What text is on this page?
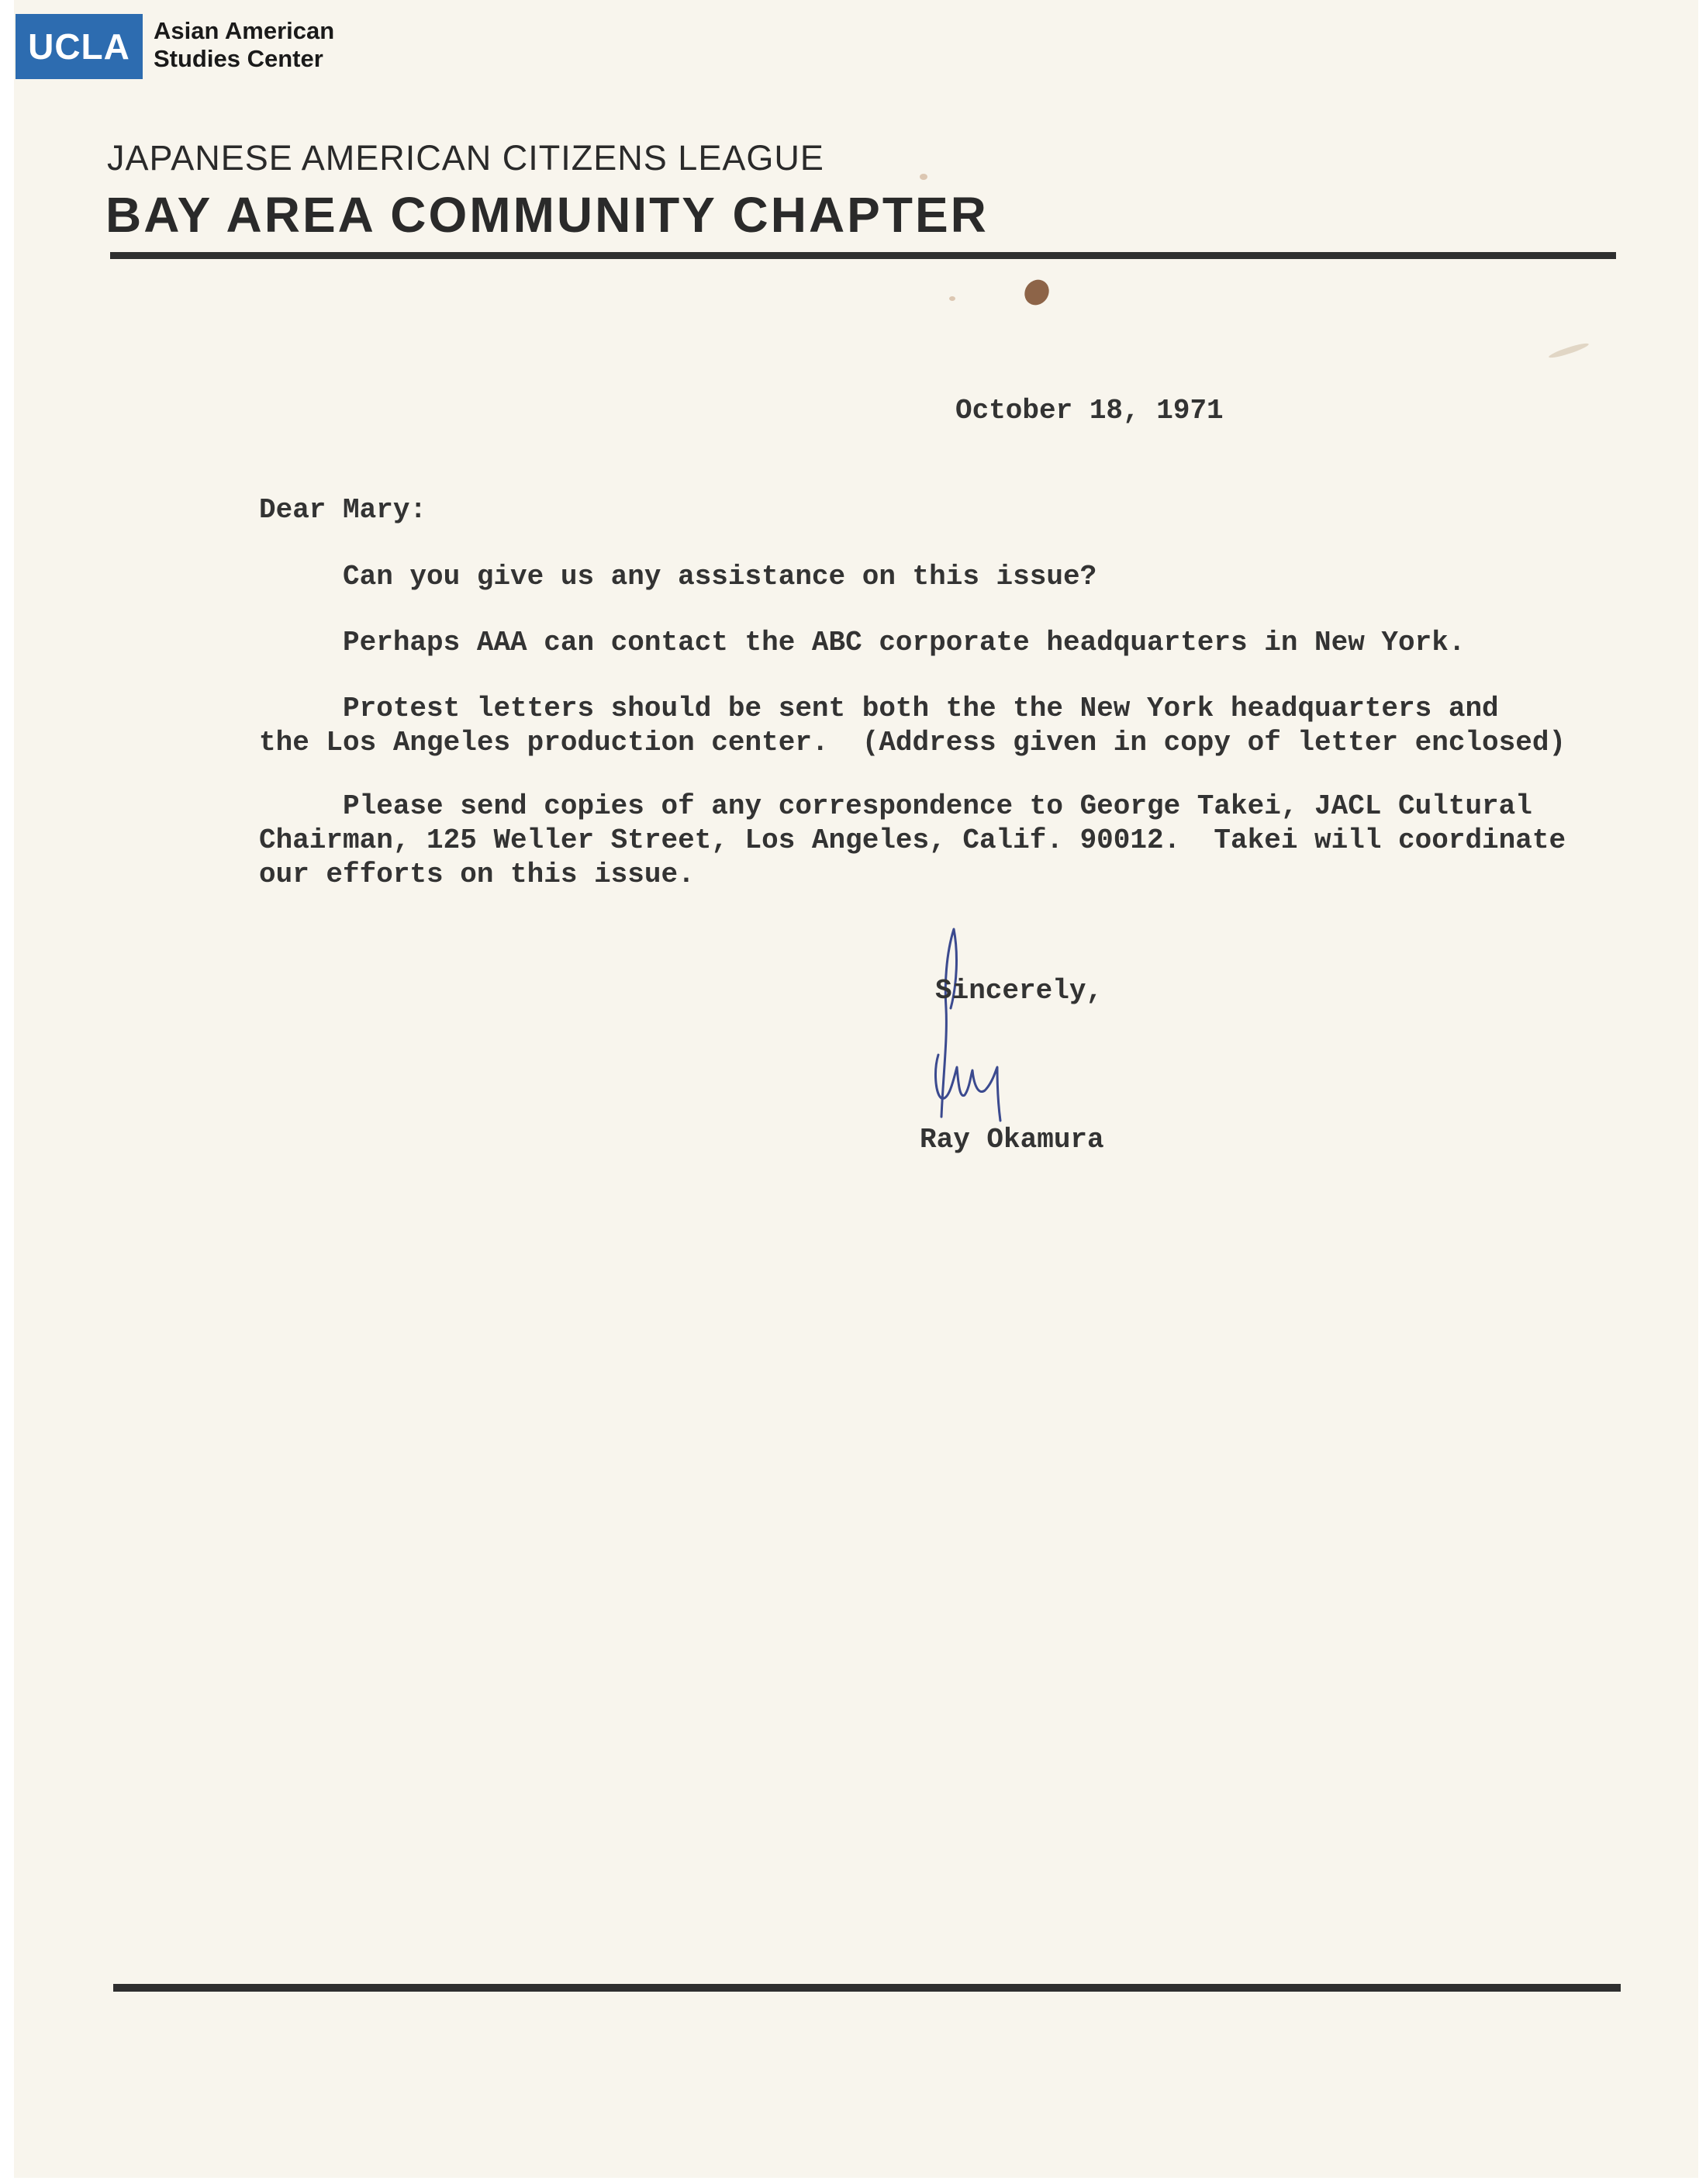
UCLA Asian American
Studies Center
JAPANESE AMERICAN CITIZENS LEAGUE
BAY AREA COMMUNITY CHAPTER
October 18, 1971
Dear Mary:
Can you give us any assistance on this issue?
Perhaps AAA can contact the ABC corporate headquarters in New York.
Protest letters should be sent both the the New York headquarters and
the Los Angeles production center.  (Address given in copy of letter enclosed)
Please send copies of any correspondence to George Takei, JACL Cultural
Chairman, 125 Weller Street, Los Angeles, Calif. 90012.  Takei will coordinate
our efforts on this issue.
Sincerely,
Ray Okamura
